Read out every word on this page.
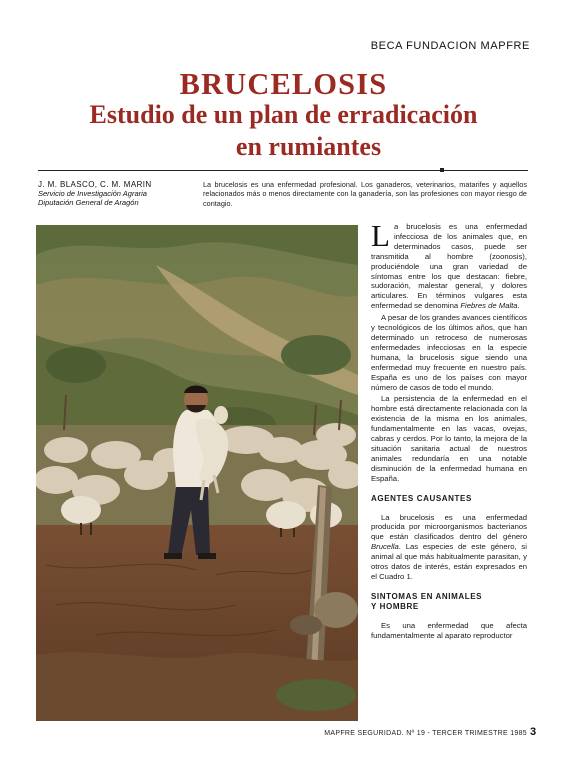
BECA FUNDACION MAPFRE
BRUCELOSIS
Estudio de un plan de erradicación
en rumiantes
J. M. BLASCO, C. M. MARIN
Servicio de Investigación Agraria
Diputación General de Aragón
La brucelosis es una enfermedad profesional. Los ganaderos, veterinarios, matarifes y aquellos relacionados más o menos directamente con la ganadería, son las profesiones con mayor riesgo de contagio.

La brucelosis es una enfermedad infecciosa de los animales que, en determinados casos, puede ser transmitida al hombre (zoonosis), produciéndole una gran variedad de síntomas entre los que destacan: fiebre, sudoración, malestar general, y dolores articulares. En términos vulgares esta enfermedad se denomina Fiebres de Malta.

A pesar de los grandes avances científicos y tecnológicos de los últimos años, que han determinado un retroceso de numerosas enfermedades infecciosas en la especie humana, la brucelosis sigue siendo una enfermedad muy frecuente en nuestro país. España es uno de los países con mayor número de casos de todo el mundo.

La persistencia de la enfermedad en el hombre está directamente relacionada con la existencia de la misma en los animales, fundamentalmente en las vacas, ovejas, cabras y cerdos. Por lo tanto, la mejora de la situación sanitaria actual de nuestros animales redundaría en una notable disminución de la enfermedad humana en España.

AGENTES CAUSANTES

La brucelosis es una enfermedad producida por microorganismos bacterianos que están clasificados dentro del género Brucella. Las especies de este género, si animal al que más habitualmente parasitan, y otros datos de interés, están expresados en el Cuadro 1.

SINTOMAS EN ANIMALES
Y HOMBRE

Es una enfermedad que afecta fundamentalmente al aparato reproductor

MAPFRE SEGURIDAD. Nº 19 - TERCER TRIMESTRE 1985 3
